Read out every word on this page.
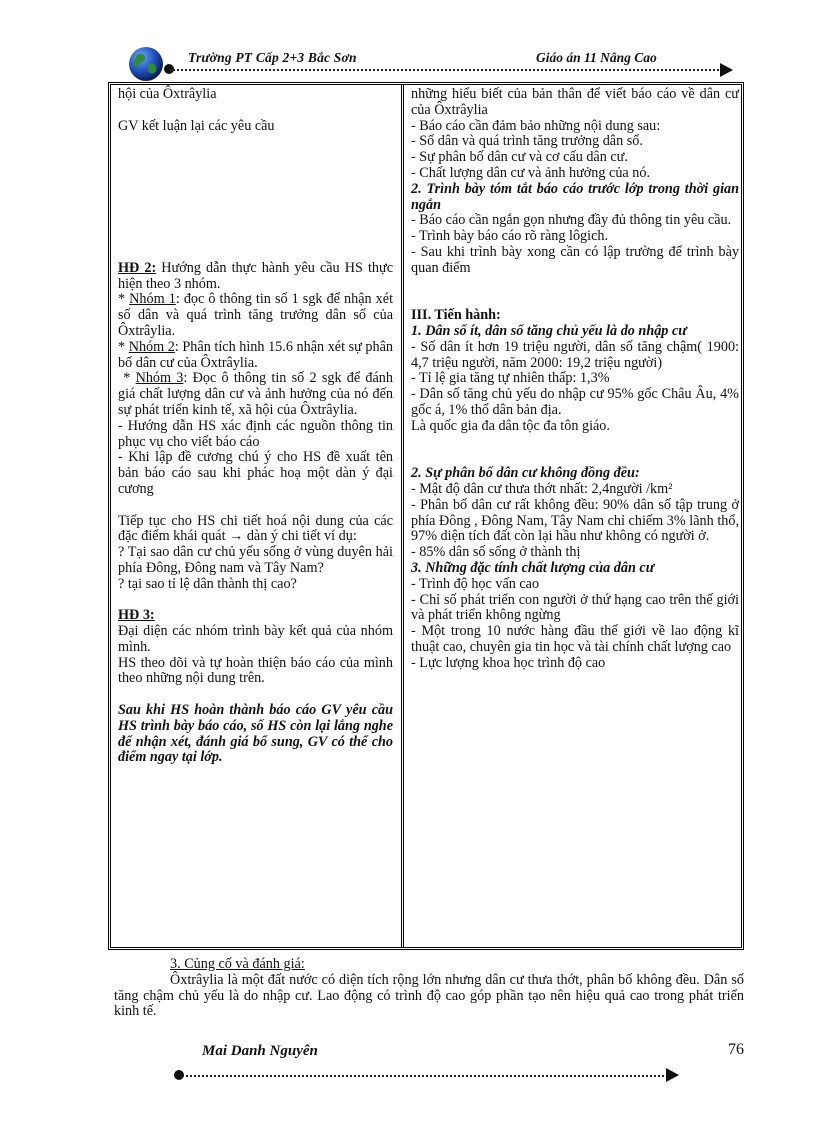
Trường PT Cấp 2+3 Bắc Sơn	Giáo án 11 Nâng Cao

hội của Ôxtrâylia

GV kết luận lại các yêu cầu

HĐ 2: Hướng dẫn thực hành yêu cầu HS thực hiện theo 3 nhóm.

* Nhóm 1: đọc ô thông tin số 1 sgk để nhận xét số dân và quá trình tăng trưởng dân số của Ôxtrâylia.

* Nhóm 2: Phân tích hình 15.6 nhận xét sự phân bố dân cư của Ôxtrâylia.

* Nhóm 3: Đọc ô thông tin số 2 sgk để đánh giá chất lượng dân cư và ảnh hưởng của nó đến sự phát triển kinh tế, xã hội của Ôxtrâylia.

- Hướng dẫn HS xác định các nguồn thông tin phục vụ cho viết báo cáo

- Khi lập đề cương chú ý cho HS đề xuất tên bản báo cáo sau khi phác hoạ một dàn ý đại cương

Tiếp tục cho HS chi tiết hoá nội dung của các đặc điểm khái quát → dàn ý chi tiết ví dụ:

? Tại sao dân cư chủ yếu sống ở vùng duyên hải phía Đông, Đông nam và Tây Nam?

? tại sao tỉ lệ dân thành thị cao?

HĐ 3:

Đại diện các nhóm trình bày kết quả của nhóm mình.

HS theo dõi và tự hoàn thiện báo cáo của mình theo những nội dung trên.

Sau khi HS hoàn thành báo cáo GV yêu cầu HS trình bày báo cáo, số HS còn lại lắng nghe để nhận xét, đánh giá bổ sung, GV có thể cho điểm ngay tại lớp.

những hiểu biết của bản thân để viết báo cáo về dân cư của Ôxtrâylia

- Báo cáo cần đảm bảo những nội dung sau:

- Số dân và quá trình tăng trưởng dân số.

- Sự phân bố dân cư và cơ cấu dân cư.

- Chất lượng dân cư và ảnh hưởng của nó.

2. Trình bày tóm tắt báo cáo trước lớp trong thời gian ngắn

- Báo cáo cần ngắn gọn nhưng đầy đủ thông tin yêu cầu.

- Trình bày báo cáo rõ ràng lôgich.

- Sau khi trình bày xong cần có lập trường để trình bày quan điểm

III. Tiến hành:

1. Dân số ít, dân số tăng chủ yếu là do nhập cư

- Số dân ít hơn 19 triệu người, dân số tăng chậm( 1900: 4,7 triệu người, năm 2000: 19,2 triệu người)

- Tỉ lệ gia tăng tự nhiên thấp: 1,3%

- Dân số tăng chủ yếu do nhập cư 95% gốc Châu Âu, 4% gốc á, 1% thổ dân bản địa.

Là quốc gia đa dân tộc đa tôn giáo.

2. Sự phân bố dân cư không đồng đều:

- Mật độ dân cư thưa thớt nhất: 2,4người /km²

- Phân bố dân cư rất không đều: 90% dân số tập trung ở phía Đông , Đông Nam, Tây Nam chỉ chiếm 3% lãnh thổ, 97% diện tích đất còn lại hầu như không có người ở.

- 85% dân số sống ở thành thị

3. Những đặc tính chất lượng của dân cư

- Trình độ học vấn cao

- Chỉ số phát triển con người ở thứ hạng cao trên thế giới và phát triển không ngừng

- Một trong 10 nước hàng đầu thế giới về lao động kĩ thuật cao, chuyên gia tin học và tài chính chất lượng cao

- Lực lượng khoa học trình độ cao

3. Củng cố và đánh giá:

Ôxtrâylia là một đất nước có diện tích rộng lớn nhưng dân cư thưa thớt, phân bố không đều. Dân số tăng chậm chủ yếu là do nhập cư. Lao động có trình độ cao góp phần tạo nên hiệu quả cao trong phát triển kinh tế.

Mai Danh Nguyên	76
